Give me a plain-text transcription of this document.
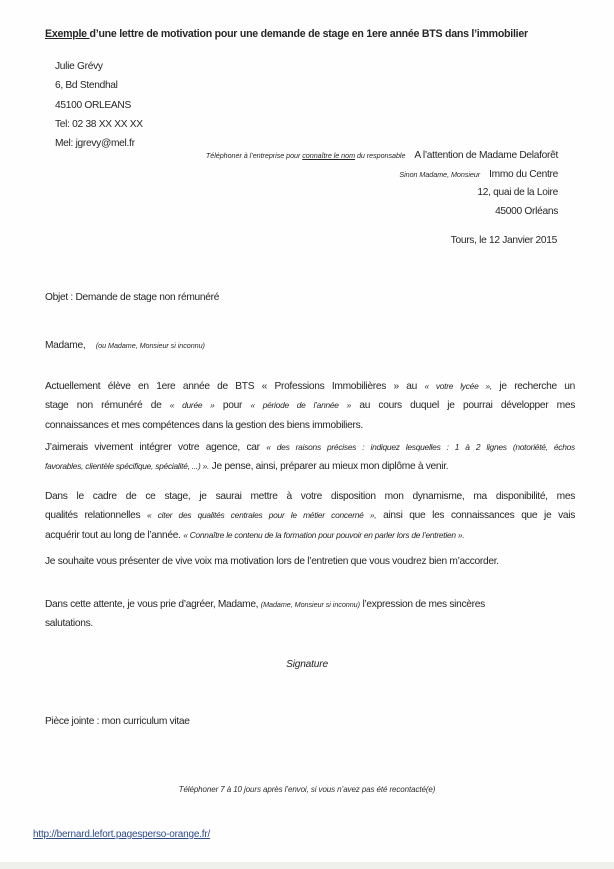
Exemple d’une lettre de motivation pour une demande de stage en 1ere année BTS dans l’immobilier
Julie Grévy
6, Bd Stendhal
45100 ORLEANS
Tel: 02 38 XX XX XX
Mel: jgrevy@mel.fr
Téléphoner à l’entreprise pour connaître le nom du responsable A l’attention de Madame Delaforêt
Sinon Madame, Monsieur Immo du Centre
12, quai de la Loire
45000 Orléans
Tours, le 12 Janvier 2015
Objet : Demande de stage non rémunéré
Madame, (ou Madame, Monsieur si inconnu)
Actuellement élève en 1ere année de BTS « Professions Immobilières » au « votre lycée », je recherche un
stage non rémunéré de « durée » pour « période de l’année » au cours duquel je pourrai développer mes
connaissances et mes compétences dans la gestion des biens immobiliers.
J’aimerais vivement intégrer votre agence, car « des raisons précises : indiquez lesquelles : 1 à 2 lignes (notoriété, échos
favorables, clientèle spécifique, spécialité, ...) ». Je pense, ainsi, préparer au mieux mon diplôme à venir.
Dans le cadre de ce stage, je saurai mettre à votre disposition mon dynamisme, ma disponibilité, mes
qualités relationnelles « citer des qualités centrales pour le métier concerné », ainsi que les connaissances que je vais
acquérir tout au long de l’année. « Connaître le contenu de la formation pour pouvoir en parler lors de l’entretien ».
Je souhaite vous présenter de vive voix ma motivation lors de l’entretien que vous voudrez bien m’accorder.
Dans cette attente, je vous prie d’agréer, Madame, (Madame, Monsieur si inconnu) l’expression de mes sincères
salutations.
Signature
Pièce jointe : mon curriculum vitae
Téléphoner 7 à 10 jours après l’envoi, si vous n’avez pas été recontacté(e)
http://bernard.lefort.pagesperso-orange.fr/
